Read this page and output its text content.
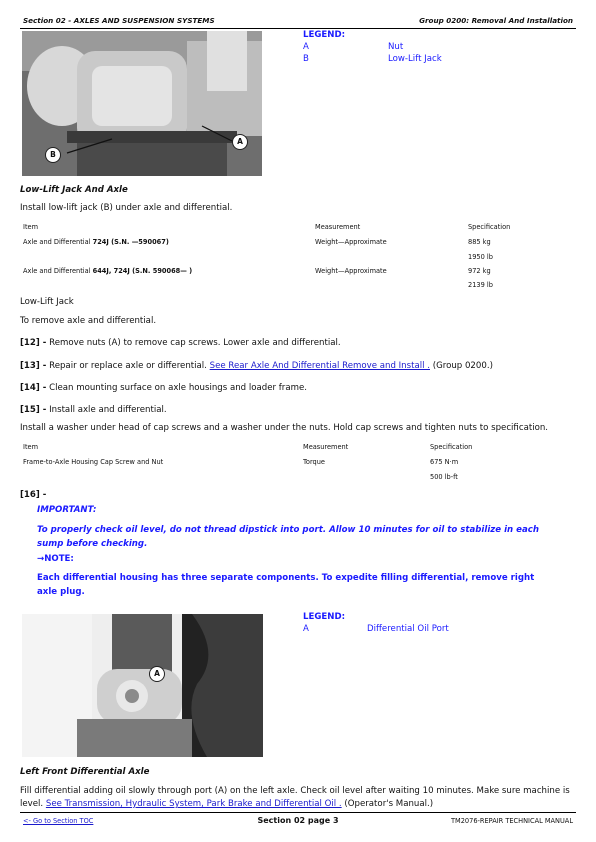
Section 02 - AXLES AND SUSPENSION SYSTEMS	Group 0200: Removal And Installation
B
A
LEGEND:
A	Nut
B	Low-Lift Jack
Low-Lift Jack And Axle
Install low-lift jack (B) under axle and differential.
Item	Measurement	Specification
Axle and Differential 724J (S.N. —590067)	Weight—Approximate	885 kg
1950 lb
Axle and Differential 644J, 724J (S.N. 590068— )	Weight—Approximate	972 kg
2139 lb
Low-Lift Jack
To remove axle and differential.
[12] - Remove nuts (A) to remove cap screws. Lower axle and differential.
[13] - Repair or replace axle or differential. See Rear Axle And Differential Remove and Install . (Group 0200.)
[14] - Clean mounting surface on axle housings and loader frame.
[15] - Install axle and differential.
Install a washer under head of cap screws and a washer under the nuts. Hold cap screws and tighten nuts to specification.
Item	Measurement	Specification
Frame-to-Axle Housing Cap Screw and Nut	Torque	675 N·m
500 lb-ft
[16] -
IMPORTANT:
To properly check oil level, do not thread dipstick into port. Allow 10 minutes for oil to stabilize in each
sump before checking.
→NOTE:
Each differential housing has three separate components. To expedite filling differential, remove right
axle plug.
A
LEGEND:
A	Differential Oil Port
Left Front Differential Axle
Fill differential adding oil slowly through port (A) on the left axle. Check oil level after waiting 10 minutes. Make sure machine is
level. See Transmission, Hydraulic System, Park Brake and Differential Oil . (Operator's Manual.)
<- Go to Section TOC	Section 02 page 3	TM2076-REPAIR TECHNICAL MANUAL
